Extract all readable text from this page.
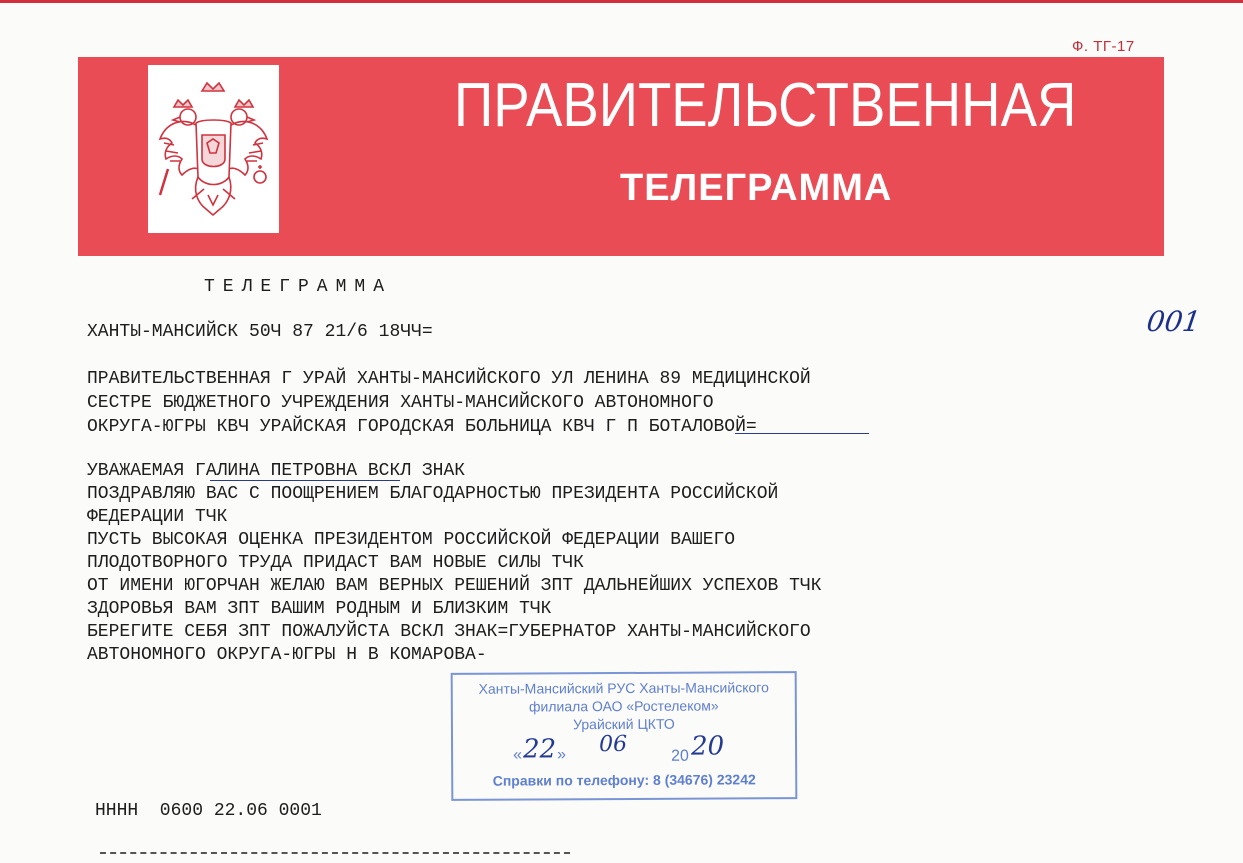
Ф. ТГ-17
ПРАВИТЕЛЬСТВЕННАЯ
ТЕЛЕГРАММА
ТЕЛЕГРАММА
ХАНТЫ-МАНСИЙСК 50Ч 87 21/6 18ЧЧ=	001
ПРАВИТЕЛЬСТВЕННАЯ Г УРАЙ ХАНТЫ-МАНСИЙСКОГО УЛ ЛЕНИНА 89 МЕДИЦИНСКОЙ
СЕСТРЕ БЮДЖЕТНОГО УЧРЕЖДЕНИЯ ХАНТЫ-МАНСИЙСКОГО АВТОНОМНОГО
ОКРУГА-ЮГРЫ КВЧ УРАЙСКАЯ ГОРОДСКАЯ БОЛЬНИЦА КВЧ Г П БОТАЛОВОЙ=
УВАЖАЕМАЯ ГАЛИНА ПЕТРОВНА ВСКЛ ЗНАК
ПОЗДРАВЛЯЮ ВАС С ПООЩРЕНИЕМ БЛАГОДАРНОСТЬЮ ПРЕЗИДЕНТА РОССИЙСКОЙ
ФЕДЕРАЦИИ ТЧК
ПУСТЬ ВЫСОКАЯ ОЦЕНКА ПРЕЗИДЕНТОМ РОССИЙСКОЙ ФЕДЕРАЦИИ ВАШЕГО
ПЛОДОТВОРНОГО ТРУДА ПРИДАСТ ВАМ НОВЫЕ СИЛЫ ТЧК
ОТ ИМЕНИ ЮГОРЧАН ЖЕЛАЮ ВАМ ВЕРНЫХ РЕШЕНИЙ ЗПТ ДАЛЬНЕЙШИХ УСПЕХОВ ТЧК
ЗДОРОВЬЯ ВАМ ЗПТ ВАШИМ РОДНЫМ И БЛИЗКИМ ТЧК
БЕРЕГИТЕ СЕБЯ ЗПТ ПОЖАЛУЙСТА ВСКЛ ЗНАК=ГУБЕРНАТОР ХАНТЫ-МАНСИЙСКОГО
АВТОНОМНОГО ОКРУГА-ЮГРЫ Н В КОМАРОВА-
Ханты-Мансийский РУС Ханты-Мансийского
филиала ОАО «Ростелеком»
Урайский ЦКТО
« 22 » 06	20 20
Справки по телефону: 8 (34676) 23242
НННН  0600 22.06 0001
